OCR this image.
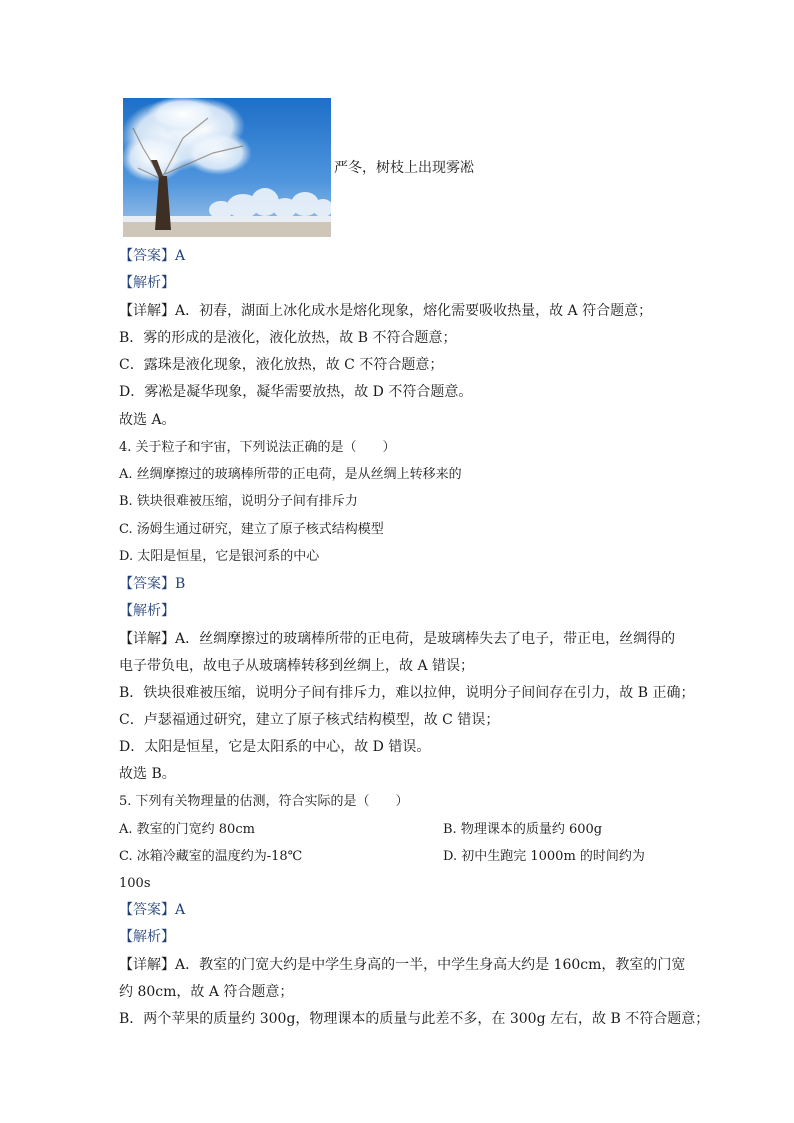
严冬，树枝上出现雾凇
【答案】A
【解析】
【详解】A．初春，湖面上冰化成水是熔化现象，熔化需要吸收热量，故 A 符合题意；
B．雾的形成的是液化，液化放热，故 B 不符合题意；
C．露珠是液化现象，液化放热，故 C 不符合题意；
D．雾凇是凝华现象，凝华需要放热，故 D 不符合题意。
故选 A。
4. 关于粒子和宇宙，下列说法正确的是（　　）
A. 丝绸摩擦过的玻璃棒所带的正电荷，是从丝绸上转移来的
B. 铁块很难被压缩，说明分子间有排斥力
C. 汤姆生通过研究，建立了原子核式结构模型
D. 太阳是恒星，它是银河系的中心
【答案】B
【解析】
【详解】A．丝绸摩擦过的玻璃棒所带的正电荷，是玻璃棒失去了电子，带正电，丝绸得的
电子带负电，故电子从玻璃棒转移到丝绸上，故 A 错误；
B．铁块很难被压缩，说明分子间有排斥力，难以拉伸，说明分子间间存在引力，故 B 正确；
C．卢瑟福通过研究，建立了原子核式结构模型，故 C 错误；
D．太阳是恒星，它是太阳系的中心，故 D 错误。
故选 B。
5. 下列有关物理量的估测，符合实际的是（　　）
A. 教室的门宽约 80cm	B. 物理课本的质量约 600g
C. 冰箱冷藏室的温度约为-18℃	D. 初中生跑完 1000m 的时间约为
100s
【答案】A
【解析】
【详解】A．教室的门宽大约是中学生身高的一半，中学生身高大约是 160cm，教室的门宽
约 80cm，故 A 符合题意；
B．两个苹果的质量约 300g，物理课本的质量与此差不多，在 300g 左右，故 B 不符合题意；
